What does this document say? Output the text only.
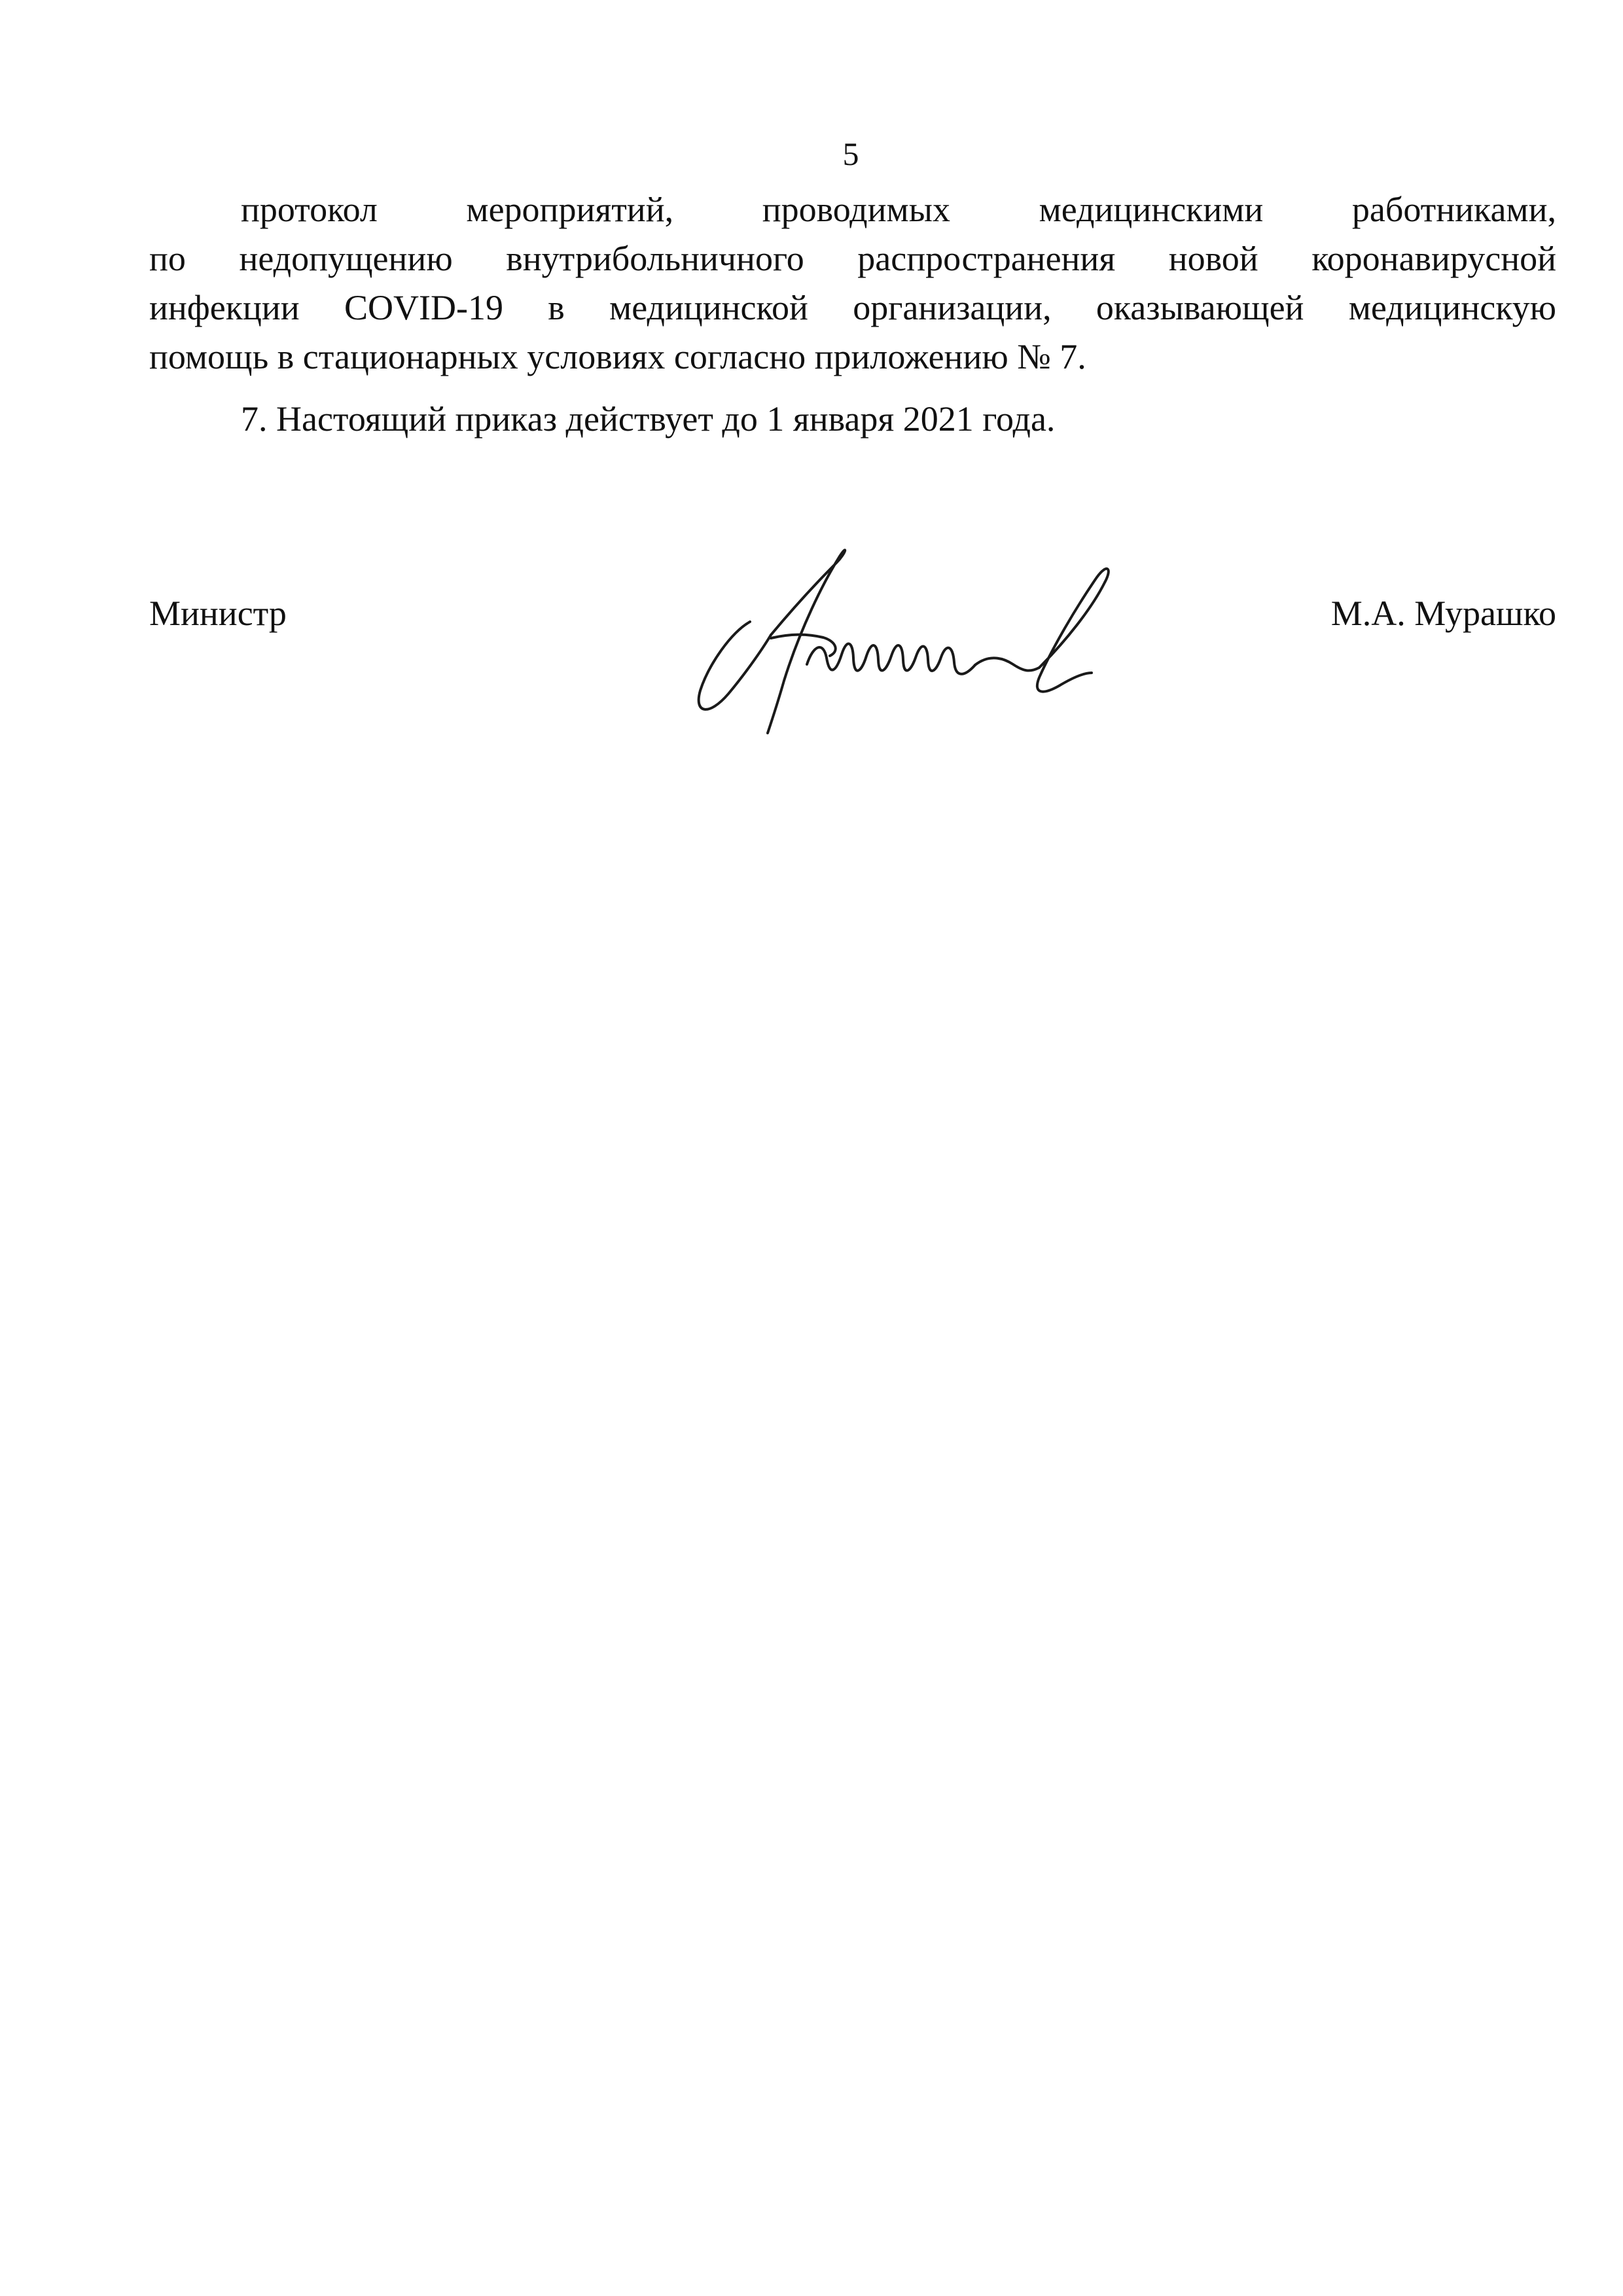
5
протокол мероприятий, проводимых медицинскими работниками,
по недопущению внутрибольничного распространения новой коронавирусной
инфекции COVID-19 в медицинской организации, оказывающей медицинскую
помощь в стационарных условиях согласно приложению № 7.
7. Настоящий приказ действует до 1 января 2021 года.
Министр	М.А. Мурашко
